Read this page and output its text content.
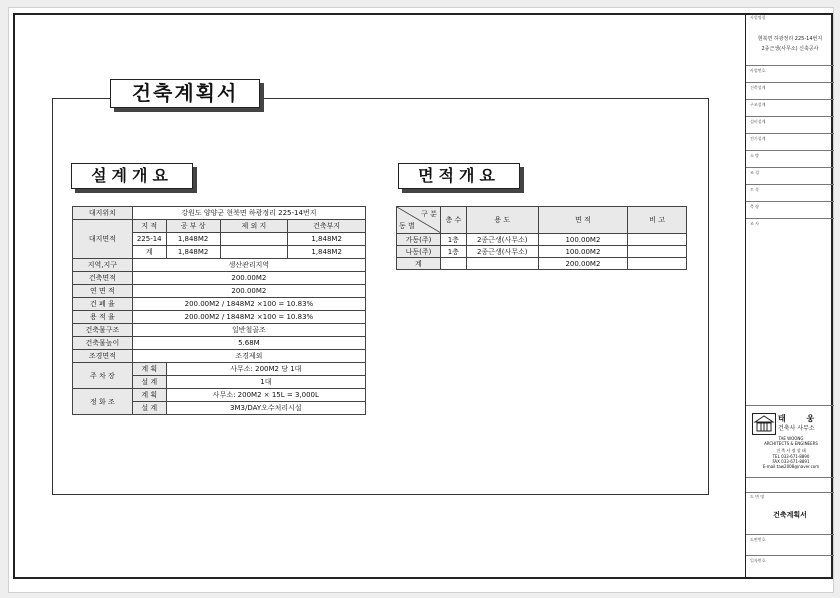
건축계획서
설계개요	면적개요
대지위치	강원도 양양군 현북면 하광정리 225-14번지			
대지면적	지 적	공 부 상	제 외 지	건축부지
	225-14	1,848M2		1,848M2
	계	1,848M2		1,848M2
지역,지구	생산관리지역			
건축면적	200.00M2			
연 면 적	200.00M2			
건 폐 율	200.00M2 / 1848M2 ×100 = 10.83%			
용 적 율	200.00M2 / 1848M2 ×100 = 10.83%			
건축물구조	일반철골조			
건축물높이	5.68M			
조경면적	조경제외			
주 차 장	계 획	사무소: 200M2 당 1대		
	설 계	1대		
정 화 조	계 획	사무소: 200M2 × 15L = 3,000L		
	설 계	3M3/DAY오수처리시설		
구 분
동 별	층 수	용 도	면 적	비 고
가동(주)	1층	2종근생(사무소)	100.00M2	
나동(주)	1층	2종근생(사무소)	100.00M2	
계			200.00M2	
사업명칭
현북면 하광정리 225-14번지
2종근생(사무소) 신축공사
사업번호
건축설계
구조설계
설비설계
전기설계
소 방
조 경
토 목
측 량
조 사
태 웅
건축사 사무소
TAE WOONG
ARCHITECTS & ENGINEERS
건 축 사 정 상 태
TEL 033-671-8890
FAX 033-671-8891
E-mail:taw2008@naver.com
도 면 명
건축계획서
도면번호
일자번호
